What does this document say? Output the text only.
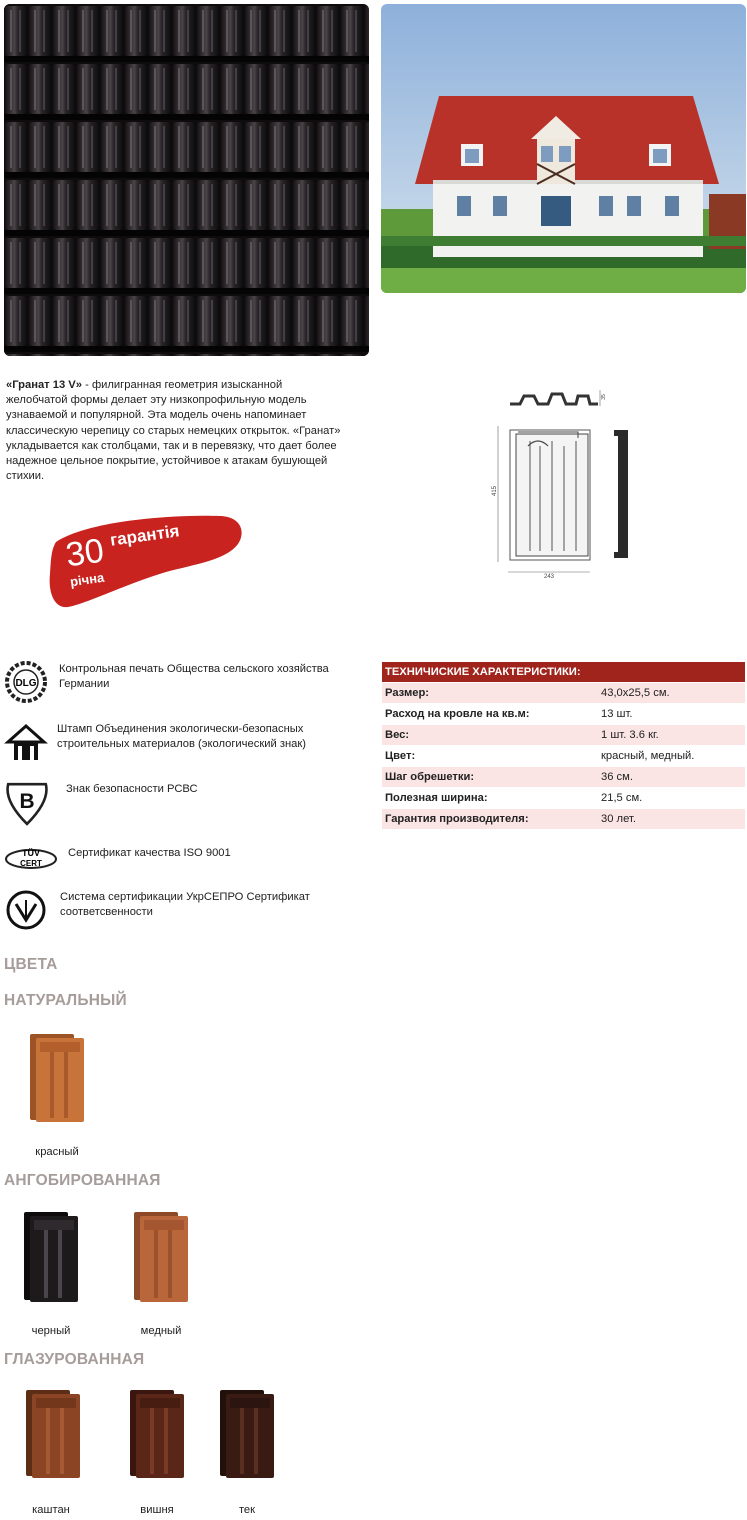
«Гранат 13 V» - филигранная геометрия изысканной
желобчатой формы делает эту низкопрофильную модель
узнаваемой и популярной. Эта модель очень напоминает
классическую черепицу со старых немецких открыток. «Гранат»
укладывается как столбцами, так и в перевязку, что дает более
надежное цельное покрытие, устойчивое к атакам бушующей
стихии.
30 гарантія
річна
415
243
35
DLG
Контрольная печать Общества сельского хозяйства
Германии
Штамп Объединения экологически-безопасных
строительных материалов (экологический знак)
B
Знак безопасности РСВС
TÜV
CERT
Сертификат качества ISO 9001
Система сертификации УкрСЕПРО Сертификат
соответсвенности
ТЕХНИЧИСКИЕ ХАРАКТЕРИСТИКИ:	
Размер:	43,0x25,5 см.
Расход на кровле на кв.м:	13 шт.
Вес:	1 шт. 3.6 кг.
Цвет:	красный, медный.
Шаг обрешетки:	36 см.
Полезная ширина:	21,5 см.
Гарантия производителя:	30 лет.
ЦВЕТА
НАТУРАЛЬНЫЙ
красный
АНГОБИРОВАННАЯ
черный	медный
ГЛАЗУРОВАННАЯ
каштан	вишня	тек
